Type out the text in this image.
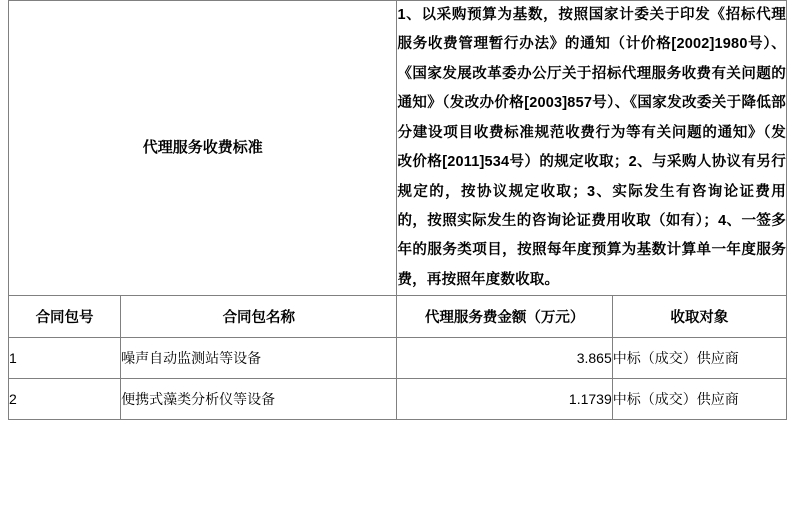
代理服务收费标准		1、以采购预算为基数，按照国家计委关于印发《招标代理服务收费管理暂行办法》的通知（计价格[2002]1980号）、《国家发展改革委办公厅关于招标代理服务收费有关问题的通知》（发改办价格[2003]857号）、《国家发改委关于降低部分建设项目收费标准规范收费行为等有关问题的通知》（发改价格[2011]534号）的规定收取；2、与采购人协议有另行规定的，按协议规定收取；3、实际发生有咨询论证费用的，按照实际发生的咨询论证费用收取（如有）；4、一签多年的服务类项目，按照每年度预算为基数计算单一年度服务费，再按照年度数收取。	
合同包号	合同包名称	代理服务费金额（万元）	收取对象
1	噪声自动监测站等设备	3.865	中标（成交）供应商
2	便携式藻类分析仪等设备	1.1739	中标（成交）供应商
